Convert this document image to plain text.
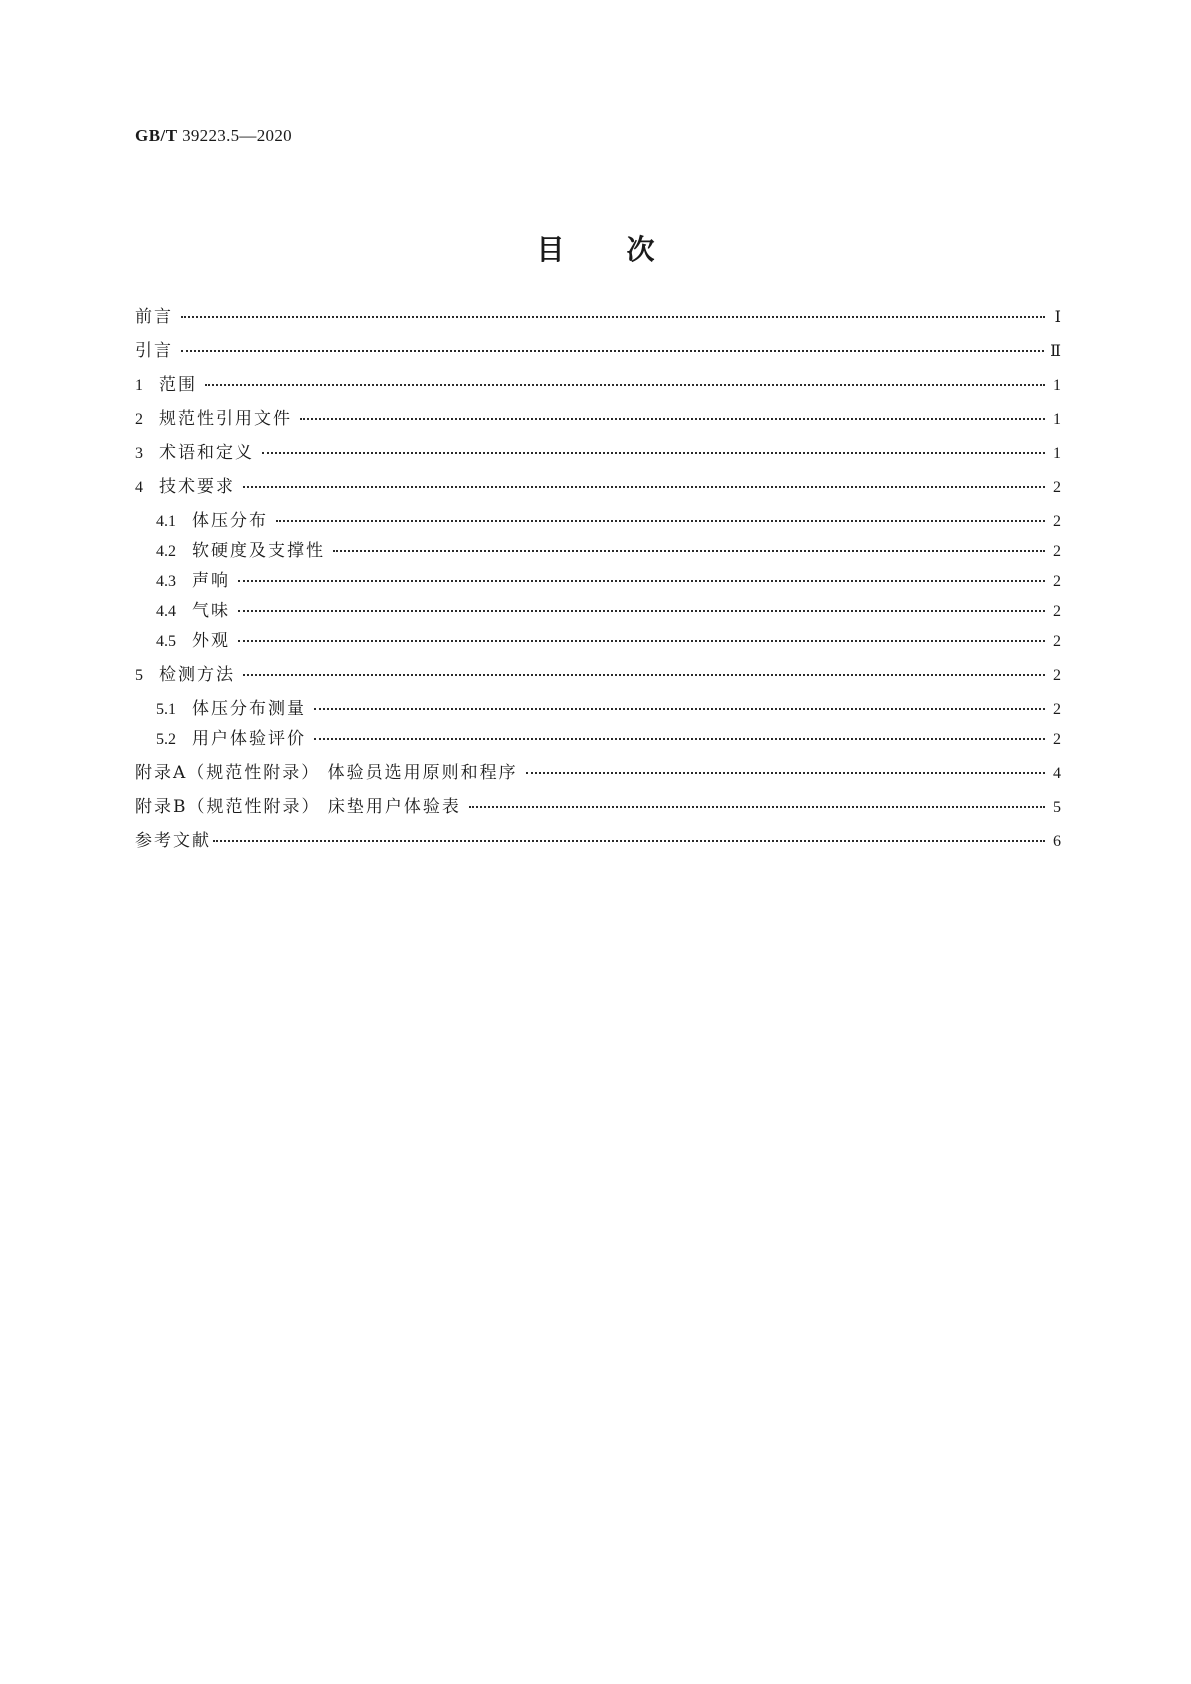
GB/T 39223.5—2020
目 次
前言	Ⅰ
引言	Ⅱ
1 范围	1
2 规范性引用文件	1
3 术语和定义	1
4 技术要求	2
4.1 体压分布	2
4.2 软硬度及支撑性	2
4.3 声响	2
4.4 气味	2
4.5 外观	2
5 检测方法	2
5.1 体压分布测量	2
5.2 用户体验评价	2
附录A（规范性附录） 体验员选用原则和程序	4
附录B（规范性附录） 床垫用户体验表	5
参考文献	6
